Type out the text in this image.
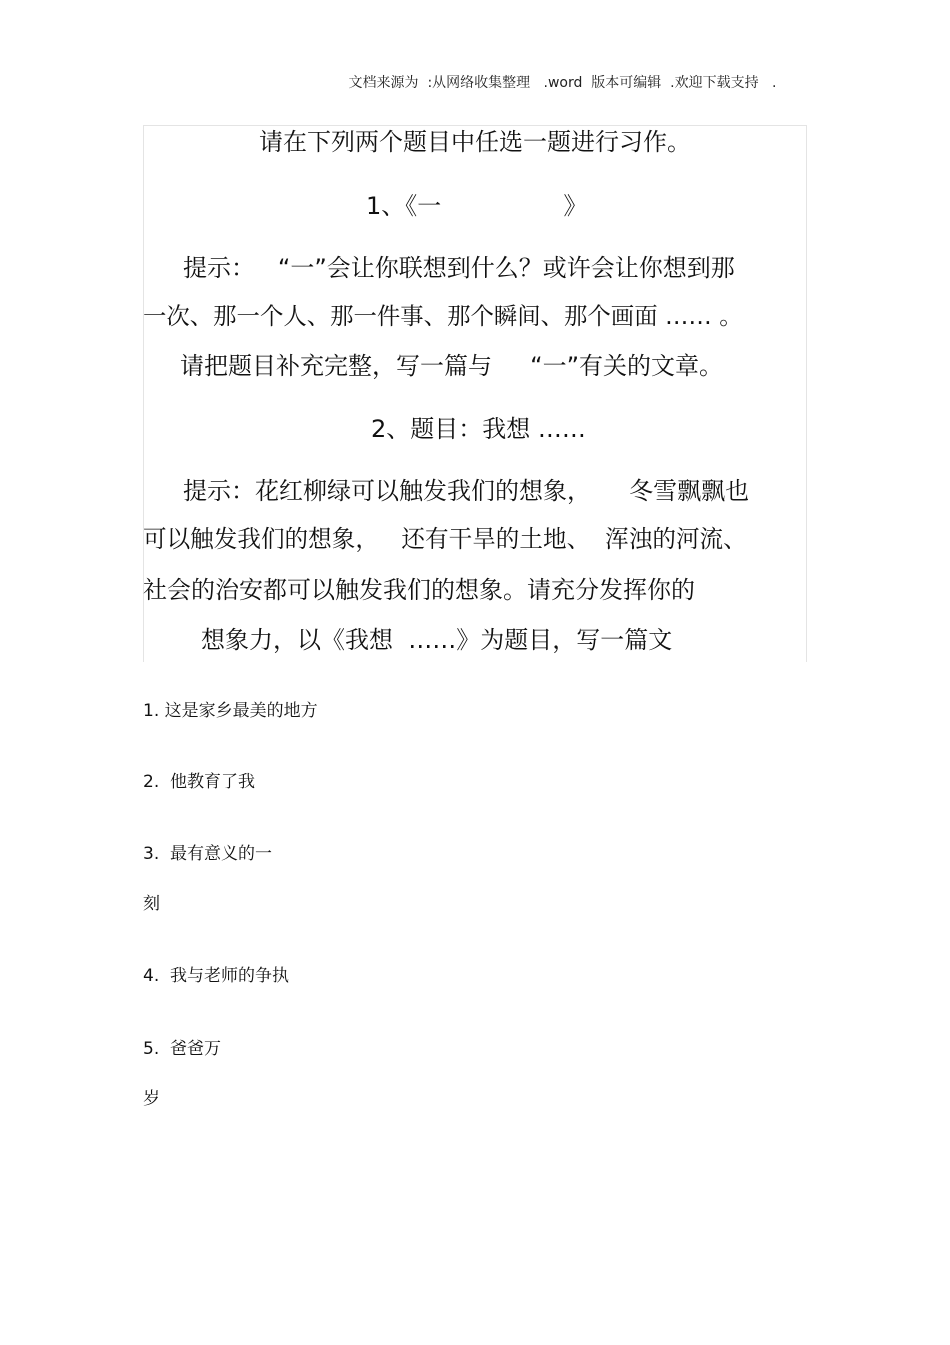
文档来源为  :从网络收集整理   .word  版本可编辑  .欢迎下载支持   .
请在下列两个题目中任选一题进行习作。
1、《一                》
提示：   “一”会让你联想到什么？或许会让你想到那
一次、那一个人、那一件事、那个瞬间、那个画面 …… 。
请把题目补充完整，写一篇与     “一”有关的文章。
2、题目：我想 ……
提示：花红柳绿可以触发我们的想象，     冬雪飘飘也
可以触发我们的想象，   还有干旱的土地、  浑浊的河流、
社会的治安都可以触发我们的想象。请充分发挥你的
想象力，以《我想  ……》为题目，写一篇文
1. 这是家乡最美的地方
2.  他教育了我
3.  最有意义的一
刻
4.  我与老师的争执
5.  爸爸万
岁
